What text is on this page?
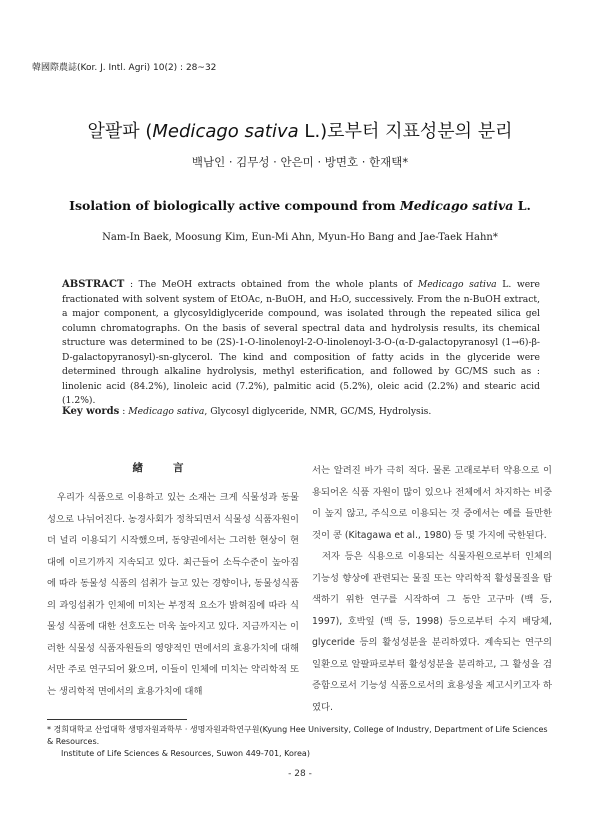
韓國際農誌(Kor. J. Intl. Agri) 10(2) : 28~32
알팔파 (Medicago sativa L.)로부터 지표성분의 분리
백남인 · 김무성 · 안은미 · 방면호 · 한재택*
Isolation of biologically active compound from Medicago sativa L.
Nam-In Baek, Moosung Kim, Eun-Mi Ahn, Myun-Ho Bang and Jae-Taek Hahn*
ABSTRACT : The MeOH extracts obtained from the whole plants of Medicago sativa L. were fractionated with solvent system of EtOAc, n-BuOH, and H₂O, successively. From the n-BuOH extract, a major component, a glycosyldiglyceride compound, was isolated through the repeated silica gel column chromatographs. On the basis of several spectral data and hydrolysis results, its chemical structure was determined to be (2S)-1-O-linolenoyl-2-O-linolenoyl-3-O-(α-D-galactopyranosyl (1→6)-β-D-galactopyranosyl)-sn-glycerol. The kind and composition of fatty acids in the glyceride were determined through alkaline hydrolysis, methyl esterification, and followed by GC/MS such as : linolenic acid (84.2%), linoleic acid (7.2%), palmitic acid (5.2%), oleic acid (2.2%) and stearic acid (1.2%).
Key words : Medicago sativa, Glycosyl diglyceride, NMR, GC/MS, Hydrolysis.
緖言

우리가 식품으로 이용하고 있는 소재는 크게 식물성과 동물성으로 나뉘어진다. 농경사회가 정착되면서 식물성 식품자원이 더 널리 이용되기 시작했으며, 동양권에서는 그러한 현상이 현대에 이르기까지 지속되고 있다. 최근들어 소득수준이 높아짐에 따라 동물성 식품의 섭취가 늘고 있는 경향이나, 동물성식품의 과잉섭취가 인체에 미치는 부정적 요소가 밝혀짐에 따라 식물성 식품에 대한 선호도는 더욱 높아지고 있다. 지금까지는 이러한 식물성 식품자원들의 영양적인 면에서의 효용가치에 대해서만 주로 연구되어 왔으며, 이들이 인체에 미치는 약리학적 또는 생리학적 면에서의 효용가치에 대해

서는 알려진 바가 극히 적다. 물론 고래로부터 약용으로 이용되어온 식품 자원이 많이 있으나 전체에서 차지하는 비중이 높지 않고, 주식으로 이용되는 것 중에서는 예를 들만한 것이 콩 (Kitagawa et al., 1980) 등 몇 가지에 국한된다.

저자 등은 식용으로 이용되는 식물자원으로부터 인체의 기능성 향상에 관련되는 물질 또는 약리학적 활성물질을 탐색하기 위한 연구를 시작하여 그 동안 고구마 (백 등, 1997), 호박잎 (백 등, 1998) 등으로부터 수지 배당체, glyceride 등의 활성성분을 분리하였다. 계속되는 연구의 일환으로 알팔파로부터 활성성분을 분리하고, 그 활성을 검증함으로서 기능성 식품으로서의 효용성을 제고시키고자 하였다.

* 경희대학교 산업대학 생명자원과학부 · 생명자원과학연구원(Kyung Hee University, College of Industry, Department of Life Sciences & Resources.
Institute of Life Sciences & Resources, Suwon 449-701, Korea)
- 28 -
